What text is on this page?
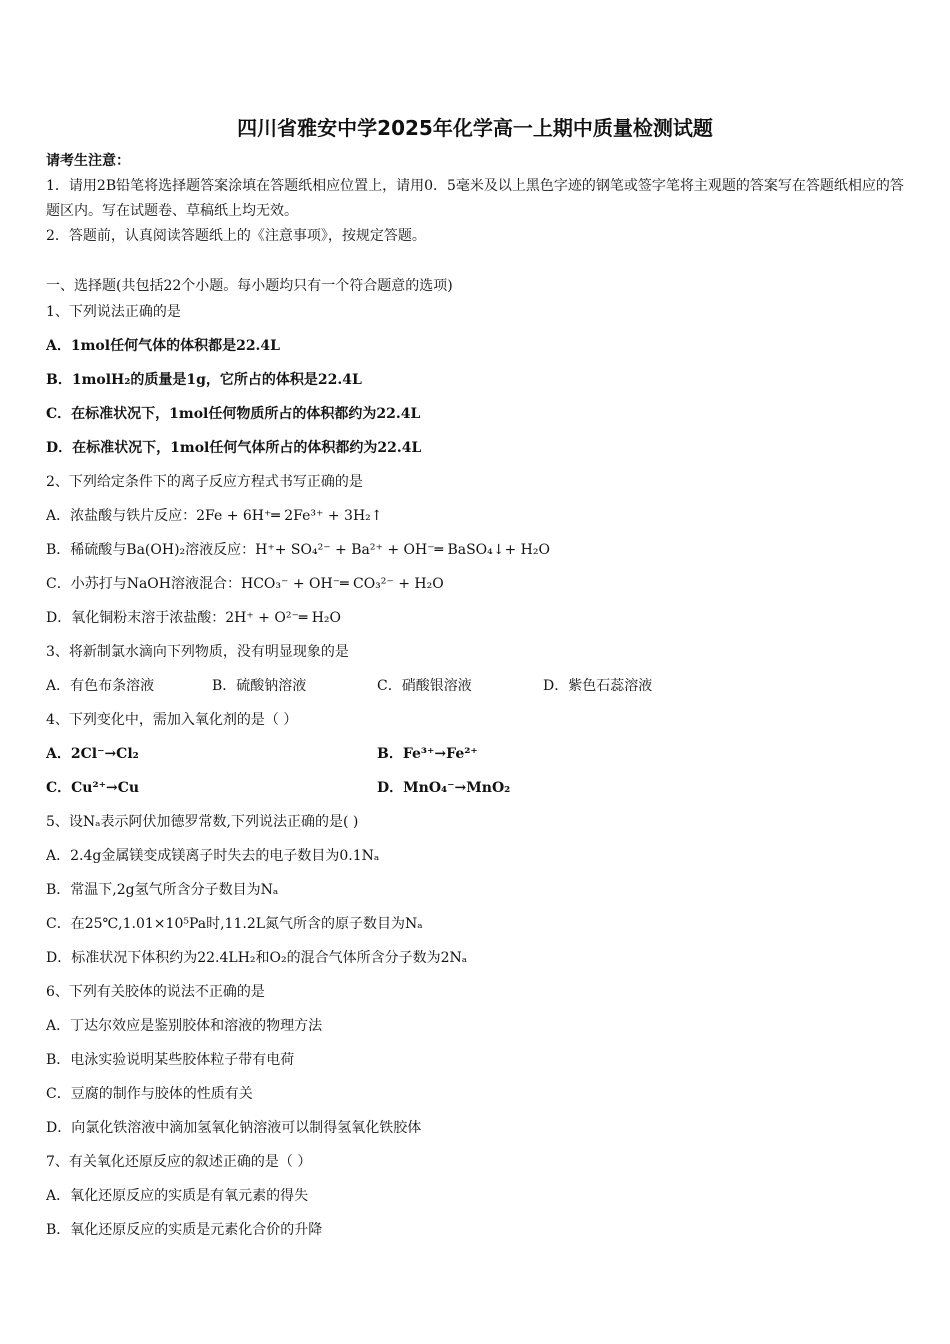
四川省雅安中学2025年化学高一上期中质量检测试题
请考生注意：
1．请用2B铅笔将选择题答案涂填在答题纸相应位置上，请用0．5毫米及以上黑色字迹的钢笔或签字笔将主观题的答案写在答题纸相应的答题区内。写在试题卷、草稿纸上均无效。
2．答题前，认真阅读答题纸上的《注意事项》，按规定答题。
一、选择题(共包括22个小题。每小题均只有一个符合题意的选项)
1、下列说法正确的是
A．1mol任何气体的体积都是22.4L
B．1molH₂的质量是1g，它所占的体积是22.4L
C．在标准状况下，1mol任何物质所占的体积都约为22.4L
D．在标准状况下，1mol任何气体所占的体积都约为22.4L
2、下列给定条件下的离子反应方程式书写正确的是
A．浓盐酸与铁片反应：2Fe + 6H⁺═ 2Fe³⁺ + 3H₂↑
B．稀硫酸与Ba(OH)₂溶液反应：H⁺+ SO₄²⁻ + Ba²⁺ + OH⁻═ BaSO₄↓+ H₂O
C．小苏打与NaOH溶液混合：HCO₃⁻ + OH⁻═ CO₃²⁻ + H₂O
D．氧化铜粉末溶于浓盐酸：2H⁺ + O²⁻═ H₂O
3、将新制氯水滴向下列物质，没有明显现象的是
A．有色布条溶液	B．硫酸钠溶液	C．硝酸银溶液	D．紫色石蕊溶液
4、下列变化中，需加入氧化剂的是（ ）
A．2Cl⁻→Cl₂	B．Fe³⁺→Fe²⁺
C．Cu²⁺→Cu	D．MnO₄⁻→MnO₂
5、设Nₐ表示阿伏加德罗常数,下列说法正确的是( )
A．2.4g金属镁变成镁离子时失去的电子数目为0.1Nₐ
B．常温下,2g氢气所含分子数目为Nₐ
C．在25℃,1.01×10⁵Pa时,11.2L氮气所含的原子数目为Nₐ
D．标准状况下体积约为22.4LH₂和O₂的混合气体所含分子数为2Nₐ
6、下列有关胶体的说法不正确的是
A．丁达尔效应是鉴别胶体和溶液的物理方法
B．电泳实验说明某些胶体粒子带有电荷
C．豆腐的制作与胶体的性质有关
D．向氯化铁溶液中滴加氢氧化钠溶液可以制得氢氧化铁胶体
7、有关氧化还原反应的叙述正确的是（ ）
A．氧化还原反应的实质是有氧元素的得失
B．氧化还原反应的实质是元素化合价的升降
